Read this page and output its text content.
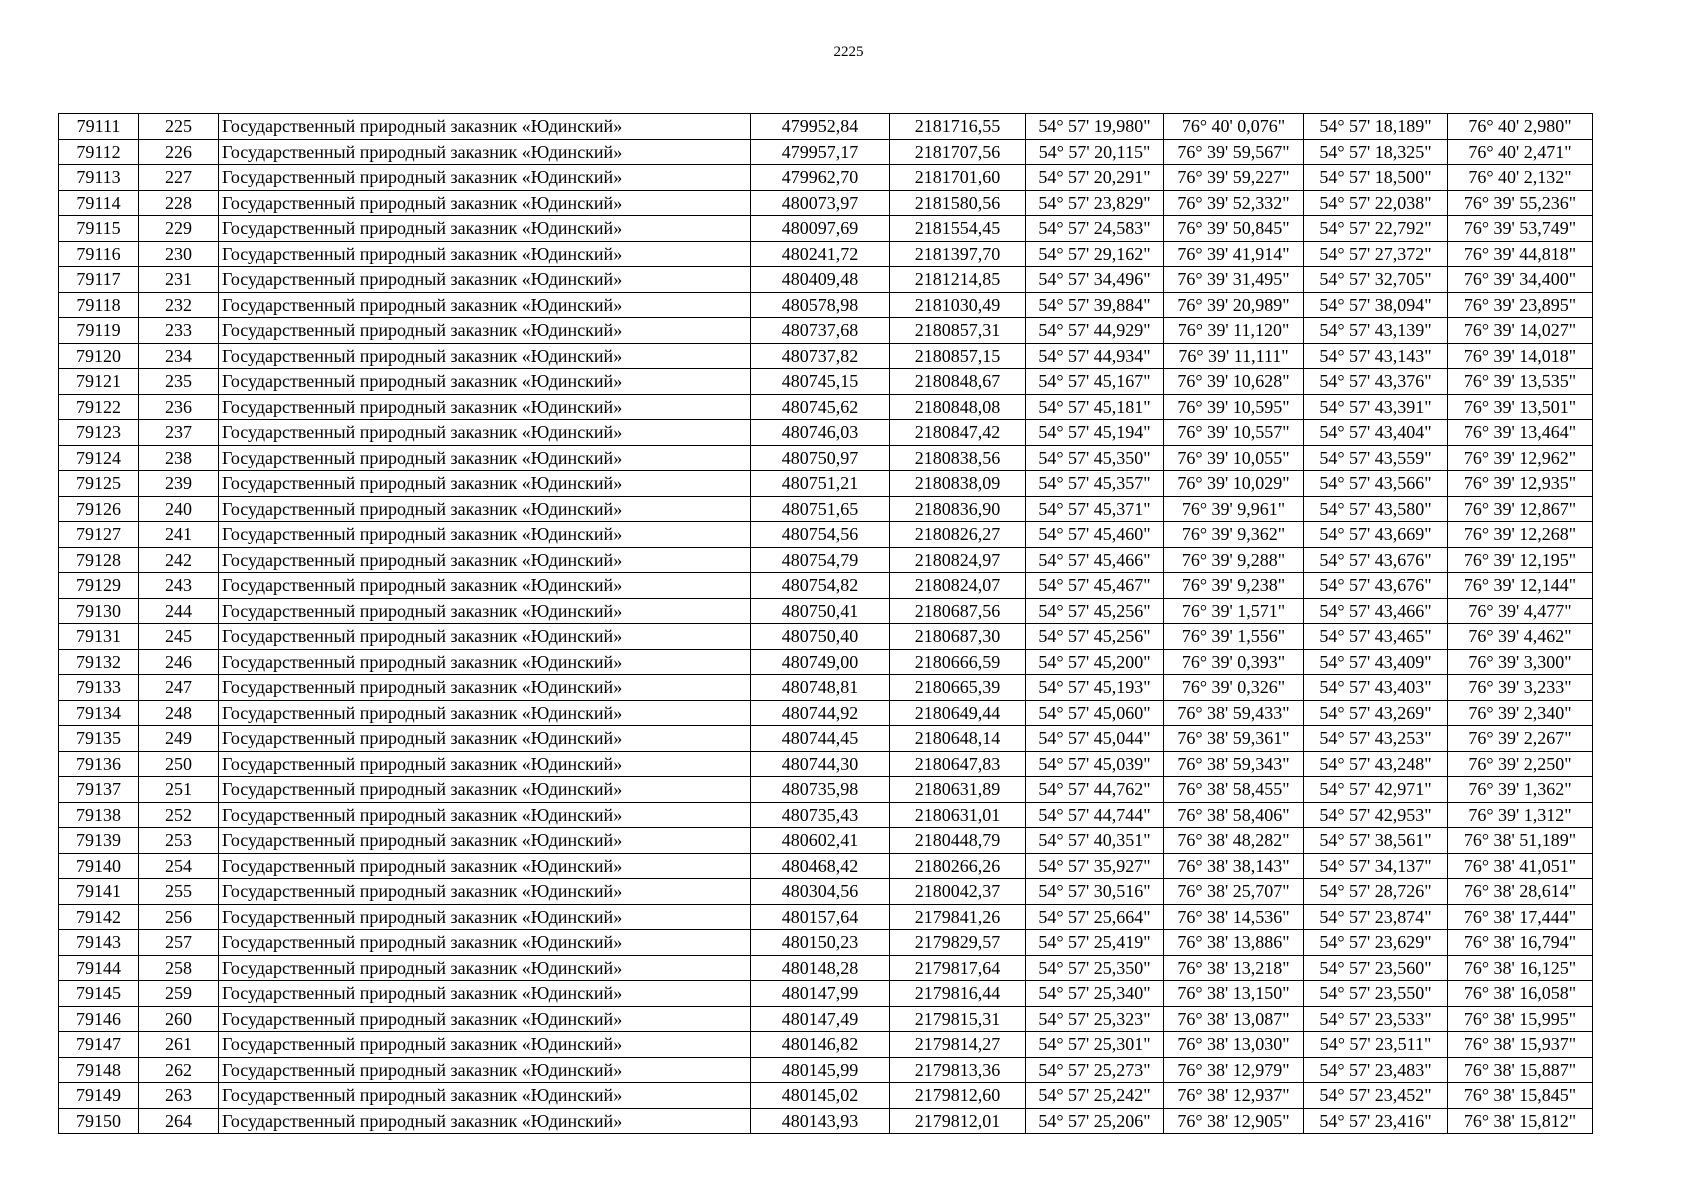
2225
79111	225	Государственный природный заказник «Юдинский»	479952,84	2181716,55	54° 57' 19,980"	76° 40' 0,076"	54° 57' 18,189"	76° 40' 2,980"
79112	226	Государственный природный заказник «Юдинский»	479957,17	2181707,56	54° 57' 20,115"	76° 39' 59,567"	54° 57' 18,325"	76° 40' 2,471"
79113	227	Государственный природный заказник «Юдинский»	479962,70	2181701,60	54° 57' 20,291"	76° 39' 59,227"	54° 57' 18,500"	76° 40' 2,132"
79114	228	Государственный природный заказник «Юдинский»	480073,97	2181580,56	54° 57' 23,829"	76° 39' 52,332"	54° 57' 22,038"	76° 39' 55,236"
79115	229	Государственный природный заказник «Юдинский»	480097,69	2181554,45	54° 57' 24,583"	76° 39' 50,845"	54° 57' 22,792"	76° 39' 53,749"
79116	230	Государственный природный заказник «Юдинский»	480241,72	2181397,70	54° 57' 29,162"	76° 39' 41,914"	54° 57' 27,372"	76° 39' 44,818"
79117	231	Государственный природный заказник «Юдинский»	480409,48	2181214,85	54° 57' 34,496"	76° 39' 31,495"	54° 57' 32,705"	76° 39' 34,400"
79118	232	Государственный природный заказник «Юдинский»	480578,98	2181030,49	54° 57' 39,884"	76° 39' 20,989"	54° 57' 38,094"	76° 39' 23,895"
79119	233	Государственный природный заказник «Юдинский»	480737,68	2180857,31	54° 57' 44,929"	76° 39' 11,120"	54° 57' 43,139"	76° 39' 14,027"
79120	234	Государственный природный заказник «Юдинский»	480737,82	2180857,15	54° 57' 44,934"	76° 39' 11,111"	54° 57' 43,143"	76° 39' 14,018"
79121	235	Государственный природный заказник «Юдинский»	480745,15	2180848,67	54° 57' 45,167"	76° 39' 10,628"	54° 57' 43,376"	76° 39' 13,535"
79122	236	Государственный природный заказник «Юдинский»	480745,62	2180848,08	54° 57' 45,181"	76° 39' 10,595"	54° 57' 43,391"	76° 39' 13,501"
79123	237	Государственный природный заказник «Юдинский»	480746,03	2180847,42	54° 57' 45,194"	76° 39' 10,557"	54° 57' 43,404"	76° 39' 13,464"
79124	238	Государственный природный заказник «Юдинский»	480750,97	2180838,56	54° 57' 45,350"	76° 39' 10,055"	54° 57' 43,559"	76° 39' 12,962"
79125	239	Государственный природный заказник «Юдинский»	480751,21	2180838,09	54° 57' 45,357"	76° 39' 10,029"	54° 57' 43,566"	76° 39' 12,935"
79126	240	Государственный природный заказник «Юдинский»	480751,65	2180836,90	54° 57' 45,371"	76° 39' 9,961"	54° 57' 43,580"	76° 39' 12,867"
79127	241	Государственный природный заказник «Юдинский»	480754,56	2180826,27	54° 57' 45,460"	76° 39' 9,362"	54° 57' 43,669"	76° 39' 12,268"
79128	242	Государственный природный заказник «Юдинский»	480754,79	2180824,97	54° 57' 45,466"	76° 39' 9,288"	54° 57' 43,676"	76° 39' 12,195"
79129	243	Государственный природный заказник «Юдинский»	480754,82	2180824,07	54° 57' 45,467"	76° 39' 9,238"	54° 57' 43,676"	76° 39' 12,144"
79130	244	Государственный природный заказник «Юдинский»	480750,41	2180687,56	54° 57' 45,256"	76° 39' 1,571"	54° 57' 43,466"	76° 39' 4,477"
79131	245	Государственный природный заказник «Юдинский»	480750,40	2180687,30	54° 57' 45,256"	76° 39' 1,556"	54° 57' 43,465"	76° 39' 4,462"
79132	246	Государственный природный заказник «Юдинский»	480749,00	2180666,59	54° 57' 45,200"	76° 39' 0,393"	54° 57' 43,409"	76° 39' 3,300"
79133	247	Государственный природный заказник «Юдинский»	480748,81	2180665,39	54° 57' 45,193"	76° 39' 0,326"	54° 57' 43,403"	76° 39' 3,233"
79134	248	Государственный природный заказник «Юдинский»	480744,92	2180649,44	54° 57' 45,060"	76° 38' 59,433"	54° 57' 43,269"	76° 39' 2,340"
79135	249	Государственный природный заказник «Юдинский»	480744,45	2180648,14	54° 57' 45,044"	76° 38' 59,361"	54° 57' 43,253"	76° 39' 2,267"
79136	250	Государственный природный заказник «Юдинский»	480744,30	2180647,83	54° 57' 45,039"	76° 38' 59,343"	54° 57' 43,248"	76° 39' 2,250"
79137	251	Государственный природный заказник «Юдинский»	480735,98	2180631,89	54° 57' 44,762"	76° 38' 58,455"	54° 57' 42,971"	76° 39' 1,362"
79138	252	Государственный природный заказник «Юдинский»	480735,43	2180631,01	54° 57' 44,744"	76° 38' 58,406"	54° 57' 42,953"	76° 39' 1,312"
79139	253	Государственный природный заказник «Юдинский»	480602,41	2180448,79	54° 57' 40,351"	76° 38' 48,282"	54° 57' 38,561"	76° 38' 51,189"
79140	254	Государственный природный заказник «Юдинский»	480468,42	2180266,26	54° 57' 35,927"	76° 38' 38,143"	54° 57' 34,137"	76° 38' 41,051"
79141	255	Государственный природный заказник «Юдинский»	480304,56	2180042,37	54° 57' 30,516"	76° 38' 25,707"	54° 57' 28,726"	76° 38' 28,614"
79142	256	Государственный природный заказник «Юдинский»	480157,64	2179841,26	54° 57' 25,664"	76° 38' 14,536"	54° 57' 23,874"	76° 38' 17,444"
79143	257	Государственный природный заказник «Юдинский»	480150,23	2179829,57	54° 57' 25,419"	76° 38' 13,886"	54° 57' 23,629"	76° 38' 16,794"
79144	258	Государственный природный заказник «Юдинский»	480148,28	2179817,64	54° 57' 25,350"	76° 38' 13,218"	54° 57' 23,560"	76° 38' 16,125"
79145	259	Государственный природный заказник «Юдинский»	480147,99	2179816,44	54° 57' 25,340"	76° 38' 13,150"	54° 57' 23,550"	76° 38' 16,058"
79146	260	Государственный природный заказник «Юдинский»	480147,49	2179815,31	54° 57' 25,323"	76° 38' 13,087"	54° 57' 23,533"	76° 38' 15,995"
79147	261	Государственный природный заказник «Юдинский»	480146,82	2179814,27	54° 57' 25,301"	76° 38' 13,030"	54° 57' 23,511"	76° 38' 15,937"
79148	262	Государственный природный заказник «Юдинский»	480145,99	2179813,36	54° 57' 25,273"	76° 38' 12,979"	54° 57' 23,483"	76° 38' 15,887"
79149	263	Государственный природный заказник «Юдинский»	480145,02	2179812,60	54° 57' 25,242"	76° 38' 12,937"	54° 57' 23,452"	76° 38' 15,845"
79150	264	Государственный природный заказник «Юдинский»	480143,93	2179812,01	54° 57' 25,206"	76° 38' 12,905"	54° 57' 23,416"	76° 38' 15,812"
